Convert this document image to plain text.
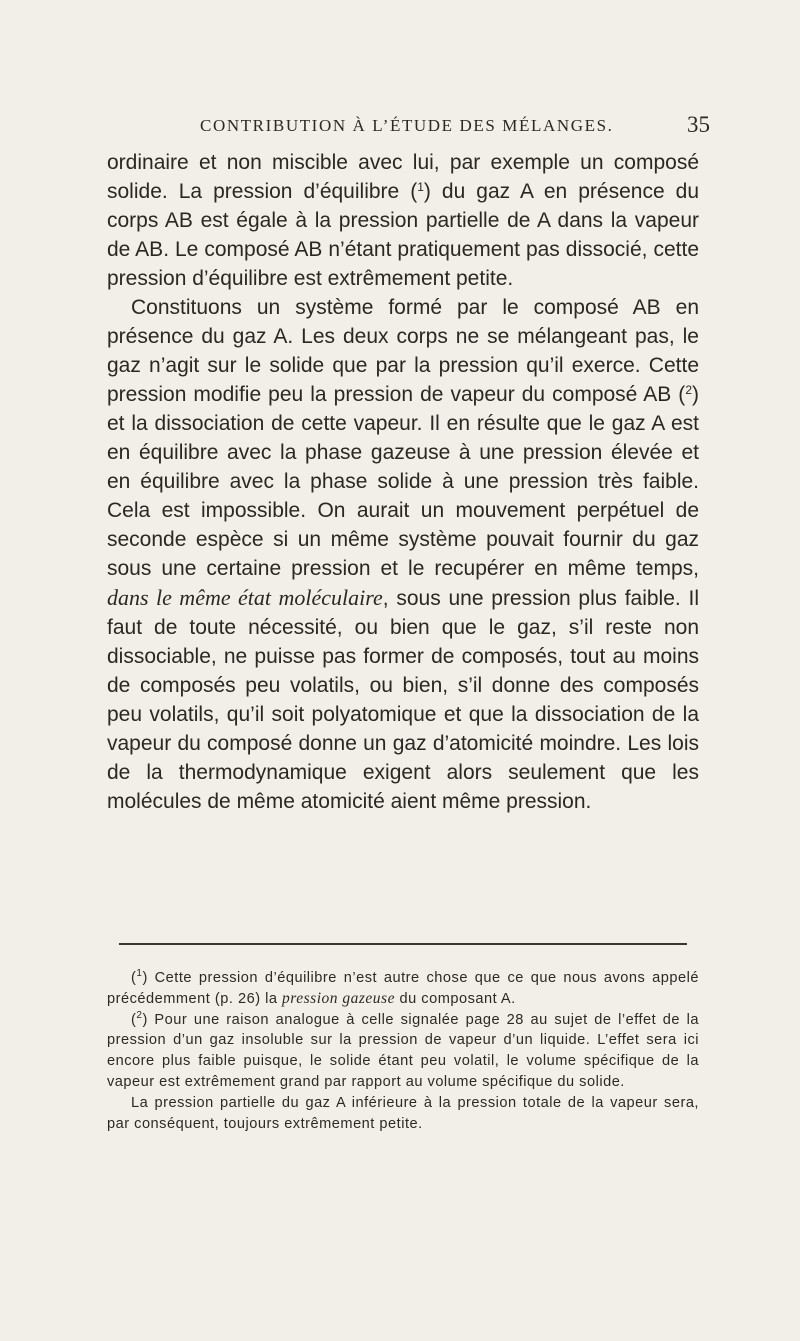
CONTRIBUTION À L’ÉTUDE DES MÉLANGES.	35

ordinaire et non miscible avec lui, par exemple un composé solide. La pression d’équilibre ($^1$) du gaz A en présence du corps AB est égale à la pression partielle de A dans la vapeur de AB. Le composé AB n’étant pratiquement pas dissocié, cette pression d’équilibre est extrêmement petite.

Constituons un système formé par le composé AB en présence du gaz A. Les deux corps ne se mélangeant pas, le gaz n’agit sur le solide que par la pression qu’il exerce. Cette pression modifie peu la pression de vapeur du composé AB ($^2$) et la dissociation de cette vapeur. Il en résulte que le gaz A est en équilibre avec la phase gazeuse à une pression élevée et en équilibre avec la phase solide à une pression très faible. Cela est impossible. On aurait un mouvement perpétuel de seconde espèce si un même système pouvait fournir du gaz sous une certaine pression et le recupérer en même temps, dans le même état moléculaire, sous une pression plus faible. Il faut de toute nécessité, ou bien que le gaz, s’il reste non dissociable, ne puisse pas former de composés, tout au moins de composés peu volatils, ou bien, s’il donne des composés peu volatils, qu’il soit polyatomique et que la dissociation de la vapeur du composé donne un gaz d’atomicité moindre. Les lois de la thermodynamique exigent alors seulement que les molécules de même atomicité aient même pression.

($^1$) Cette pression d’équilibre n’est autre chose que ce que nous avons appelé précédemment (p. 26) la pression gazeuse du composant A.

($^2$) Pour une raison analogue à celle signalée page 28 au sujet de l’effet de la pression d’un gaz insoluble sur la pression de vapeur d’un liquide. L’effet sera ici encore plus faible puisque, le solide étant peu volatil, le volume spécifique de la vapeur est extrêmement grand par rapport au volume spécifique du solide.

La pression partielle du gaz A inférieure à la pression totale de la vapeur sera, par conséquent, toujours extrêmement petite.
